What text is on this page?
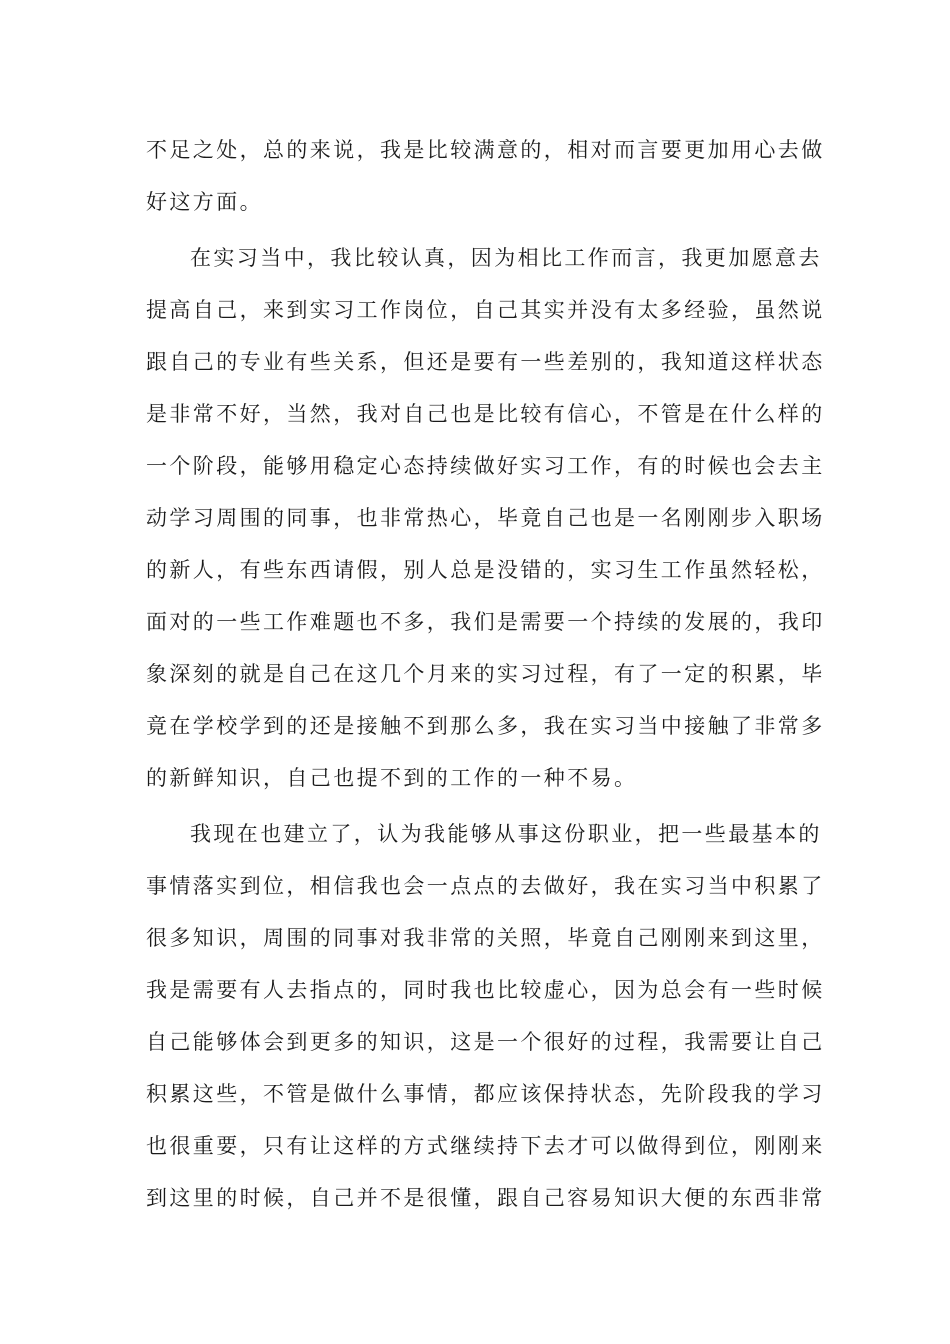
不足之处，总的来说，我是比较满意的，相对而言要更加用心去做
好这方面。
在实习当中，我比较认真，因为相比工作而言，我更加愿意去
提高自己，来到实习工作岗位，自己其实并没有太多经验，虽然说
跟自己的专业有些关系，但还是要有一些差别的，我知道这样状态
是非常不好，当然，我对自己也是比较有信心，不管是在什么样的
一个阶段，能够用稳定心态持续做好实习工作，有的时候也会去主
动学习周围的同事，也非常热心，毕竟自己也是一名刚刚步入职场
的新人，有些东西请假，别人总是没错的，实习生工作虽然轻松，
面对的一些工作难题也不多，我们是需要一个持续的发展的，我印
象深刻的就是自己在这几个月来的实习过程，有了一定的积累，毕
竟在学校学到的还是接触不到那么多，我在实习当中接触了非常多
的新鲜知识，自己也提不到的工作的一种不易。
我现在也建立了，认为我能够从事这份职业，把一些最基本的
事情落实到位，相信我也会一点点的去做好，我在实习当中积累了
很多知识，周围的同事对我非常的关照，毕竟自己刚刚来到这里，
我是需要有人去指点的，同时我也比较虚心，因为总会有一些时候
自己能够体会到更多的知识，这是一个很好的过程，我需要让自己
积累这些，不管是做什么事情，都应该保持状态，先阶段我的学习
也很重要，只有让这样的方式继续持下去才可以做得到位，刚刚来
到这里的时候，自己并不是很懂，跟自己容易知识大便的东西非常
